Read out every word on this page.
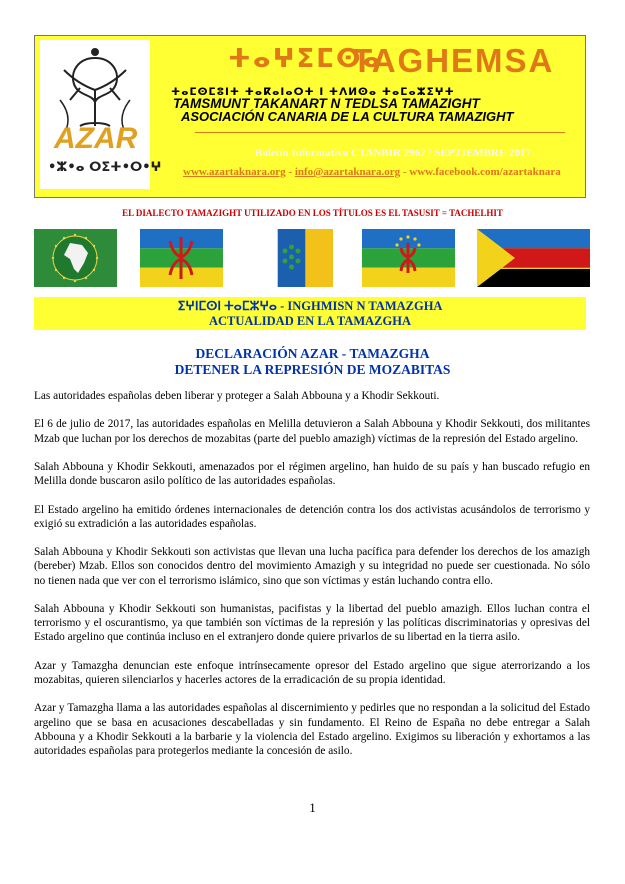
AZAR
•ⵣ•ⴰ ⵔⵉⵜ•ⵔ•ⵖ
ⵜⴰⵖⵉⵎⵙⴰ
TAGHEMSA
ⵜⴰⵎⵙⵎⵓⵏⵜ ⵜⴰⴽⴰⵏⴰⵔⵜ ⵏ ⵜⴷⵍⵙⴰ ⵜⴰⵎⴰⵣⵉⵖⵜ
TAMSMUNT TAKANART N TEDLSA TAMAZIGHT
ASOCIACIÓN CANARIA DE LA CULTURA TAMAZIGHT
Boletín Informativo CTANBIR 2967 / SEPTIEMBRE 2017
www.azartaknara.org - info@azartaknara.org - www.facebook.com/azartaknara
EL DIALECTO TAMAZIGHT UTILIZADO EN LOS TÍTULOS ES EL TASUSIT = TACHELHIT
ⵉⵖⵏⵎⵙⵏ ⵜⴰⵎⵣⵖⴰ - INGHMISN N TAMAZGHA
ACTUALIDAD EN LA TAMAZGHA
DECLARACIÓN AZAR - TAMAZGHA
DETENER LA REPRESIÓN DE MOZABITAS

Las autoridades españolas deben liberar y proteger a Salah Abbouna y a Khodir Sekkouti.

El 6 de julio de 2017, las autoridades españolas en Melilla detuvieron a Salah Abbouna y Khodir Sekkouti, dos militantes Mzab que luchan por los derechos de mozabitas (parte del pueblo amazigh) víctimas de la represión del Estado argelino.

Salah Abbouna y Khodir Sekkouti, amenazados por el régimen argelino, han huido de su país y han buscado refugio en Melilla donde buscaron asilo político de las autoridades españolas.

El Estado argelino ha emitido órdenes internacionales de detención contra los dos activistas acusándolos de terrorismo y exigió su extradición a las autoridades españolas.

Salah Abbouna y Khodir Sekkouti son activistas que llevan una lucha pacífica para defender los derechos de los amazigh (bereber) Mzab. Ellos son conocidos dentro del movimiento Amazigh y su integridad no puede ser cuestionada. No sólo no tienen nada que ver con el terrorismo islámico, sino que son víctimas y están luchando contra ello.

Salah Abbouna y Khodir Sekkouti son humanistas, pacifistas y la libertad del pueblo amazigh. Ellos luchan contra el terrorismo y el oscurantismo, ya que también son víctimas de la represión y las políticas discriminatorias y opresivas del Estado argelino que continúa incluso en el extranjero donde quiere privarlos de su libertad en la tierra asilo.

Azar y Tamazgha denuncian este enfoque intrínsecamente opresor del Estado argelino que sigue aterrorizando a los mozabitas, quieren silenciarlos y hacerles actores de la erradicación de su propia identidad.

Azar y Tamazgha llama a las autoridades españolas al discernimiento y pedirles que no respondan a la solicitud del Estado argelino que se basa en acusaciones descabelladas y sin fundamento. El Reino de España no debe entregar a Salah Abbouna y a Khodir Sekkouti a la barbarie y la violencia del Estado argelino. Exigimos su liberación y exhortamos a las autoridades españolas para protegerlos mediante la concesión de asilo.

1
